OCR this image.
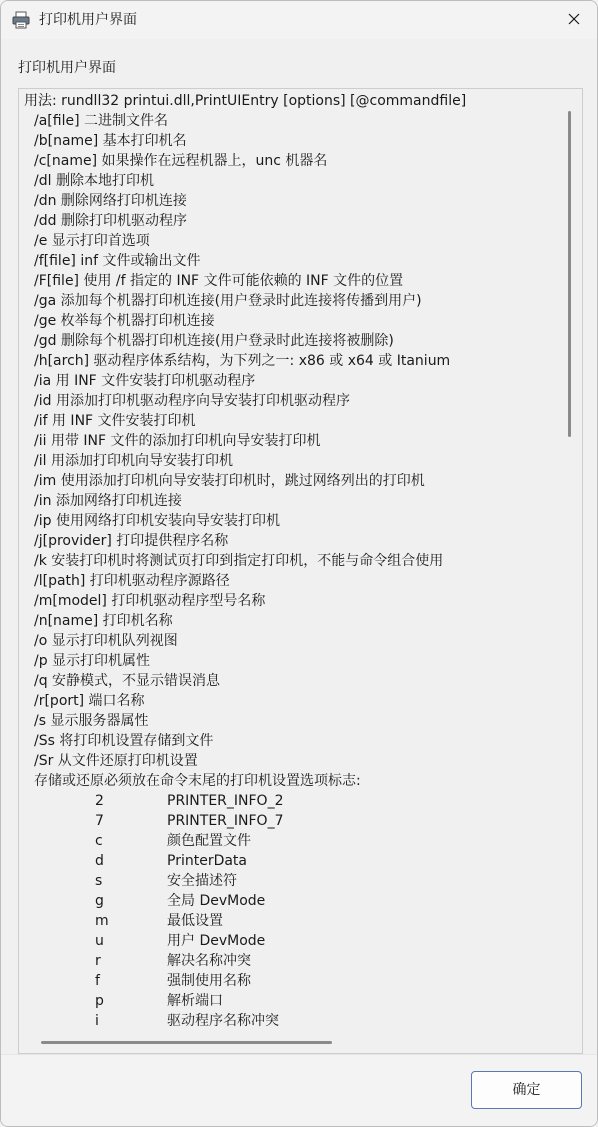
打印机用户界面
打印机用户界面
用法: rundll32 printui.dll,PrintUIEntry [options] [@commandfile]
/a[file] 二进制文件名
/b[name] 基本打印机名
/c[name] 如果操作在远程机器上，unc 机器名
/dl 删除本地打印机
/dn 删除网络打印机连接
/dd 删除打印机驱动程序
/e 显示打印首选项
/f[file] inf 文件或输出文件
/F[file] 使用 /f 指定的 INF 文件可能依赖的 INF 文件的位置
/ga 添加每个机器打印机连接(用户登录时此连接将传播到用户)
/ge 枚举每个机器打印机连接
/gd 删除每个机器打印机连接(用户登录时此连接将被删除)
/h[arch] 驱动程序体系结构，为下列之一: x86 或 x64 或 Itanium
/ia 用 INF 文件安装打印机驱动程序
/id 用添加打印机驱动程序向导安装打印机驱动程序
/if 用 INF 文件安装打印机
/ii 用带 INF 文件的添加打印机向导安装打印机
/il 用添加打印机向导安装打印机
/im 使用添加打印机向导安装打印机时，跳过网络列出的打印机
/in 添加网络打印机连接
/ip 使用网络打印机安装向导安装打印机
/j[provider] 打印提供程序名称
/k 安装打印机时将测试页打印到指定打印机，不能与命令组合使用
/l[path] 打印机驱动程序源路径
/m[model] 打印机驱动程序型号名称
/n[name] 打印机名称
/o 显示打印机队列视图
/p 显示打印机属性
/q 安静模式，不显示错误消息
/r[port] 端口名称
/s 显示服务器属性
/Ss 将打印机设置存储到文件
/Sr 从文件还原打印机设置
存储或还原必须放在命令末尾的打印机设置选项标志:
2	PRINTER_INFO_2
7	PRINTER_INFO_7
c	颜色配置文件
d	PrinterData
s	安全描述符
g	全局 DevMode
m	最低设置
u	用户 DevMode
r	解决名称冲突
f	强制使用名称
p	解析端口
i	驱动程序名称冲突
确定
